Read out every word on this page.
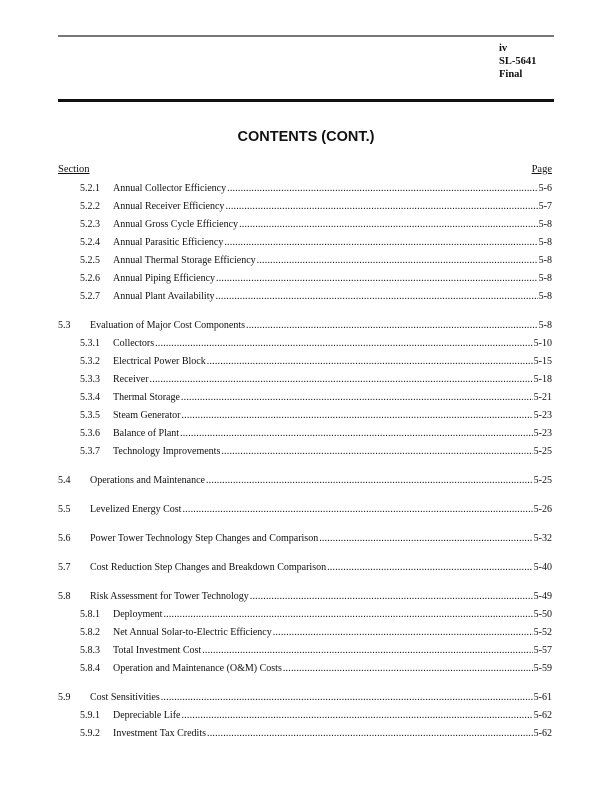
iv
SL-5641
Final
CONTENTS (CONT.)
Section	Page
5.2.1	Annual Collector Efficiency .....	5-6
5.2.2	Annual Receiver Efficiency .....	5-7
5.2.3	Annual Gross Cycle Efficiency .....	5-8
5.2.4	Annual Parasitic Efficiency .....	5-8
5.2.5	Annual Thermal Storage Efficiency .....	5-8
5.2.6	Annual Piping Efficiency .....	5-8
5.2.7	Annual Plant Availability .....	5-8
5.3	Evaluation of Major Cost Components .....	5-8
5.3.1	Collectors .....	5-10
5.3.2	Electrical Power Block .....	5-15
5.3.3	Receiver .....	5-18
5.3.4	Thermal Storage .....	5-21
5.3.5	Steam Generator .....	5-23
5.3.6	Balance of Plant .....	5-23
5.3.7	Technology Improvements .....	5-25
5.4	Operations and Maintenance .....	5-25
5.5	Levelized Energy Cost .....	5-26
5.6	Power Tower Technology Step Changes and Comparison .....	5-32
5.7	Cost Reduction Step Changes and Breakdown Comparison .....	5-40
5.8	Risk Assessment for Tower Technology .....	5-49
5.8.1	Deployment .....	5-50
5.8.2	Net Annual Solar-to-Electric Efficiency .....	5-52
5.8.3	Total Investment Cost .....	5-57
5.8.4	Operation and Maintenance (O&M) Costs .....	5-59
5.9	Cost Sensitivities .....	5-61
5.9.1	Depreciable Life .....	5-62
5.9.2	Investment Tax Credits .....	5-62
